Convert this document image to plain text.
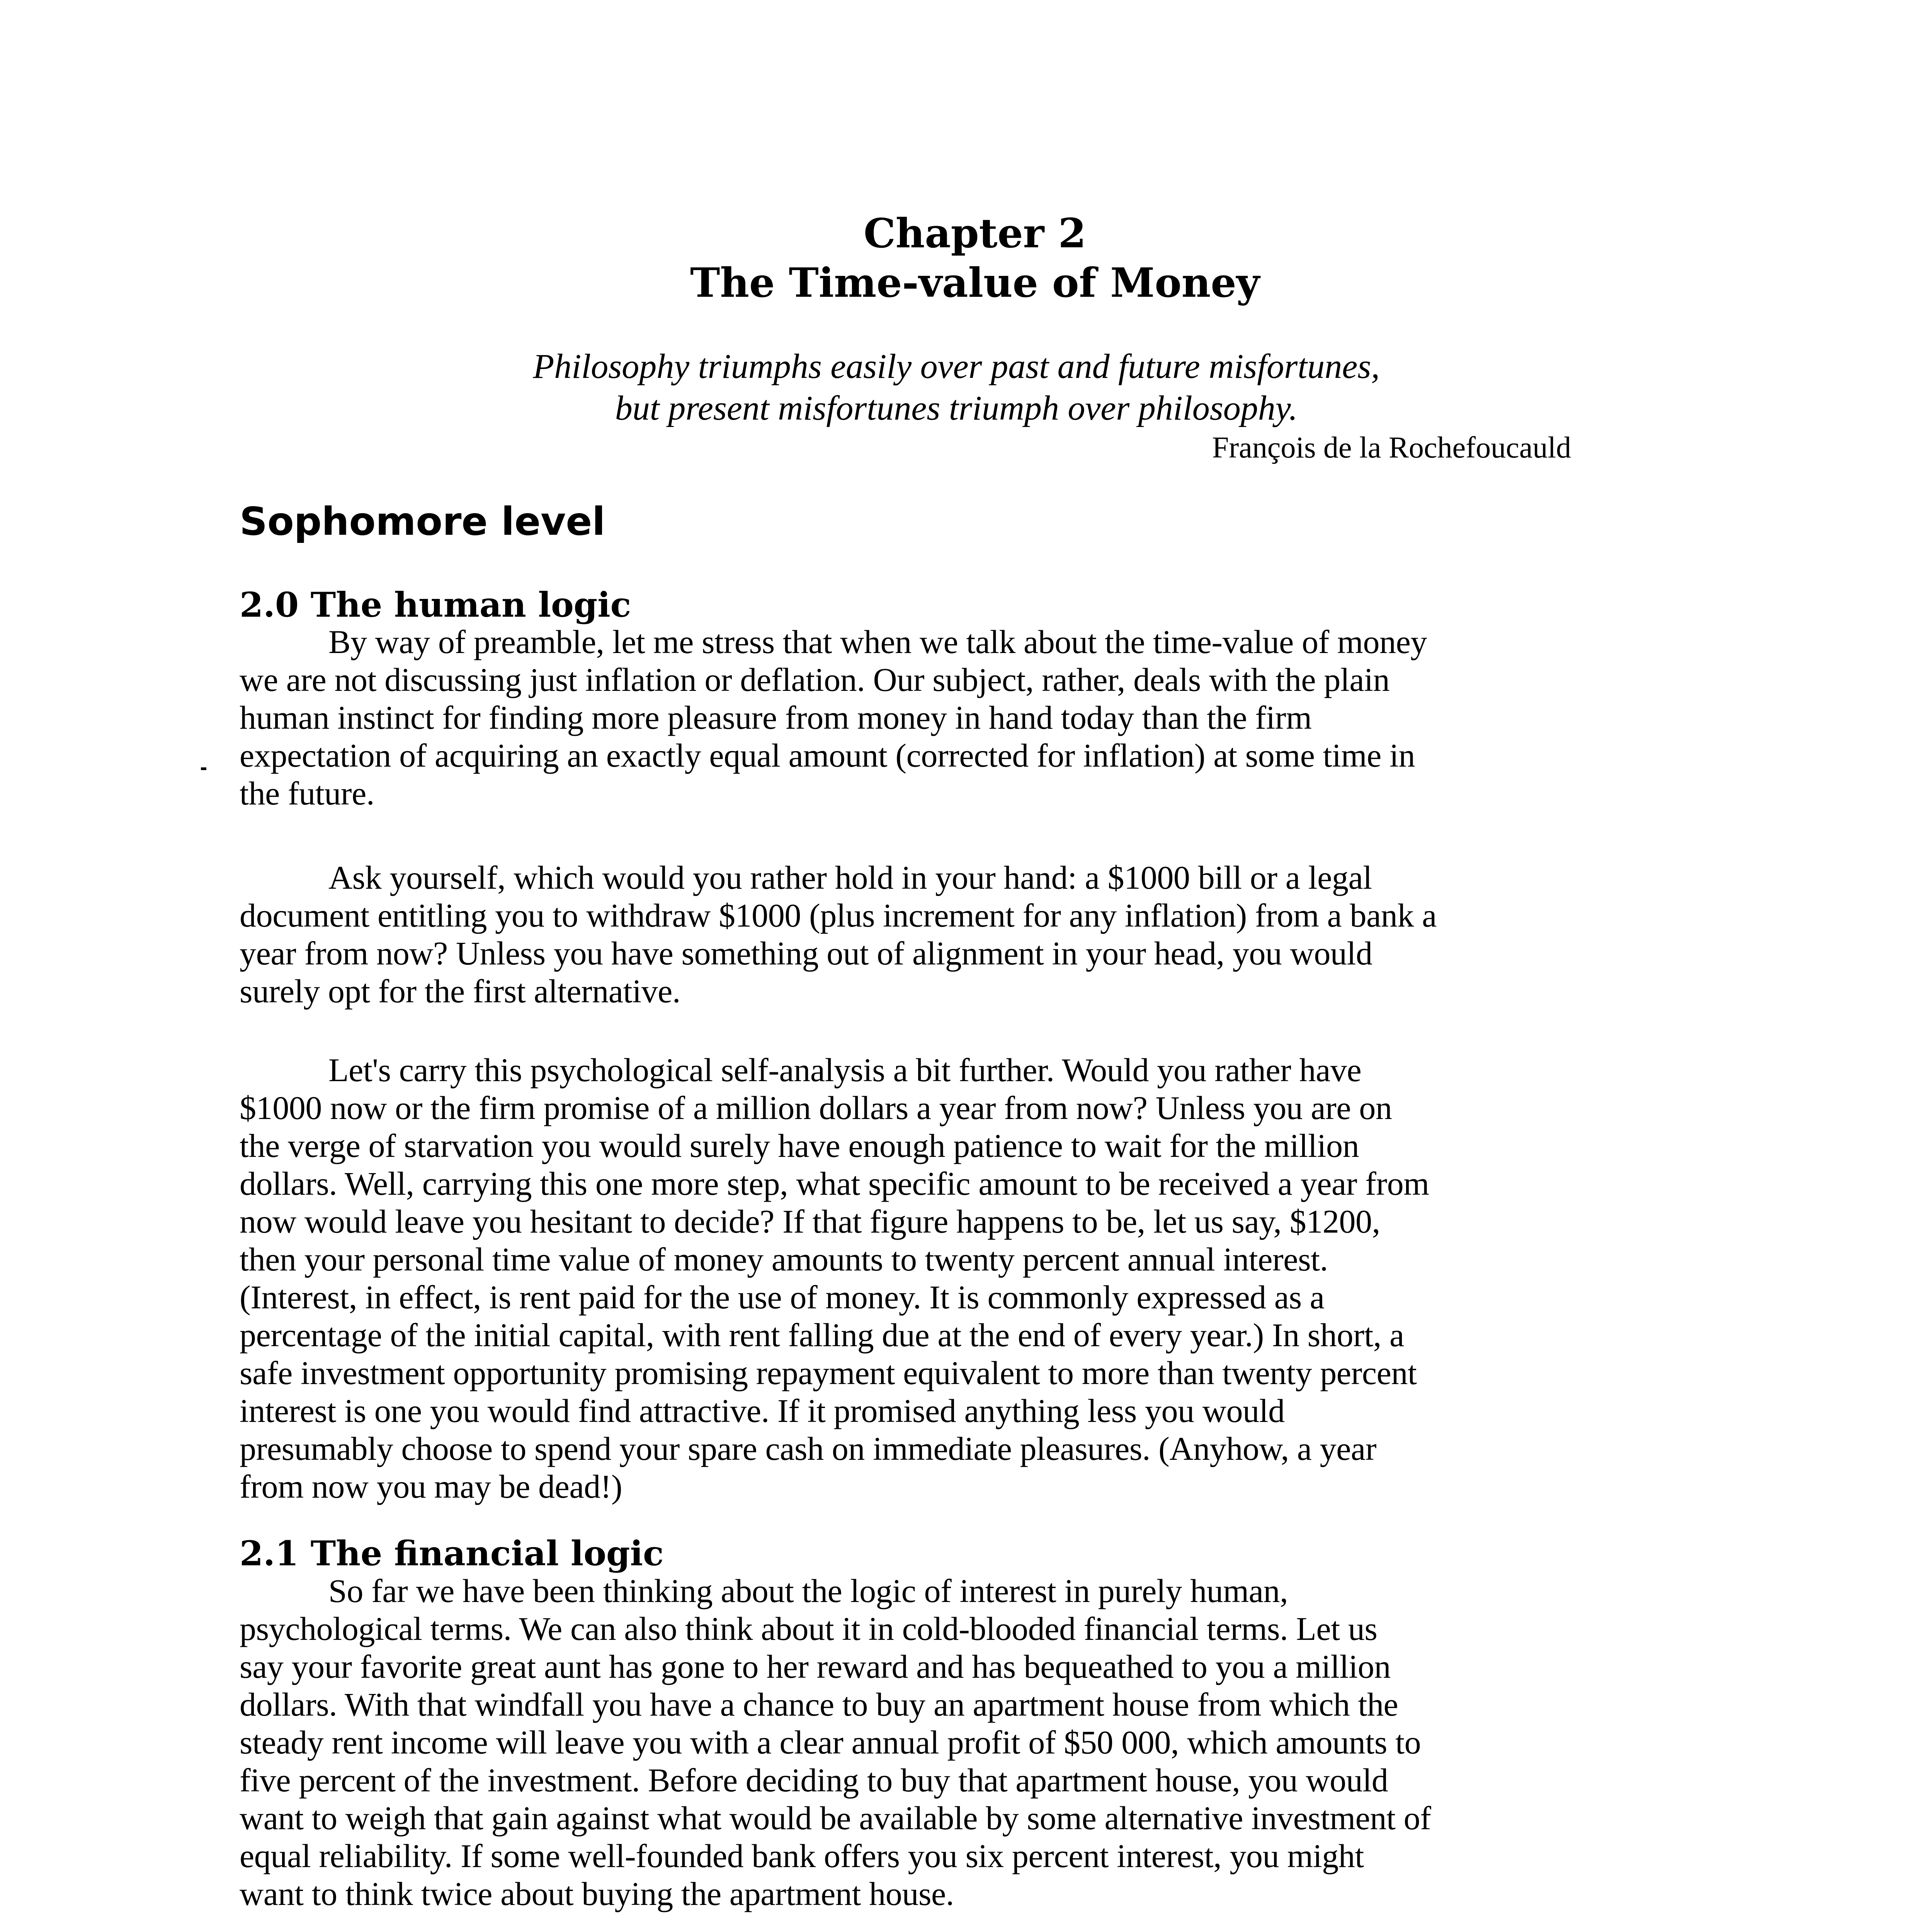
Chapter 2
The Time-value of Money
Philosophy triumphs easily over past and future misfortunes,
but present misfortunes triumph over philosophy.
François de la Rochefoucauld
Sophomore level
2.0 The human logic
By way of preamble, let me stress that when we talk about the time-value of money
we are not discussing just inflation or deflation. Our subject, rather, deals with the plain
human instinct for finding more pleasure from money in hand today than the firm
expectation of acquiring an exactly equal amount (corrected for inflation) at some time in
the future.
Ask yourself, which would you rather hold in your hand: a $1000 bill or a legal
document entitling you to withdraw $1000 (plus increment for any inflation) from a bank a
year from now? Unless you have something out of alignment in your head, you would
surely opt for the first alternative.
Let's carry this psychological self-analysis a bit further. Would you rather have
$1000 now or the firm promise of a million dollars a year from now? Unless you are on
the verge of starvation you would surely have enough patience to wait for the million
dollars. Well, carrying this one more step, what specific amount to be received a year from
now would leave you hesitant to decide? If that figure happens to be, let us say, $1200,
then your personal time value of money amounts to twenty percent annual interest.
(Interest, in effect, is rent paid for the use of money. It is commonly expressed as a
percentage of the initial capital, with rent falling due at the end of every year.) In short, a
safe investment opportunity promising repayment equivalent to more than twenty percent
interest is one you would find attractive. If it promised anything less you would
presumably choose to spend your spare cash on immediate pleasures. (Anyhow, a year
from now you may be dead!)
2.1 The financial logic
So far we have been thinking about the logic of interest in purely human,
psychological terms. We can also think about it in cold-blooded financial terms. Let us
say your favorite great aunt has gone to her reward and has bequeathed to you a million
dollars. With that windfall you have a chance to buy an apartment house from which the
steady rent income will leave you with a clear annual profit of $50 000, which amounts to
five percent of the investment. Before deciding to buy that apartment house, you would
want to weigh that gain against what would be available by some alternative investment of
equal reliability. If some well-founded bank offers you six percent interest, you might
want to think twice about buying the apartment house.
